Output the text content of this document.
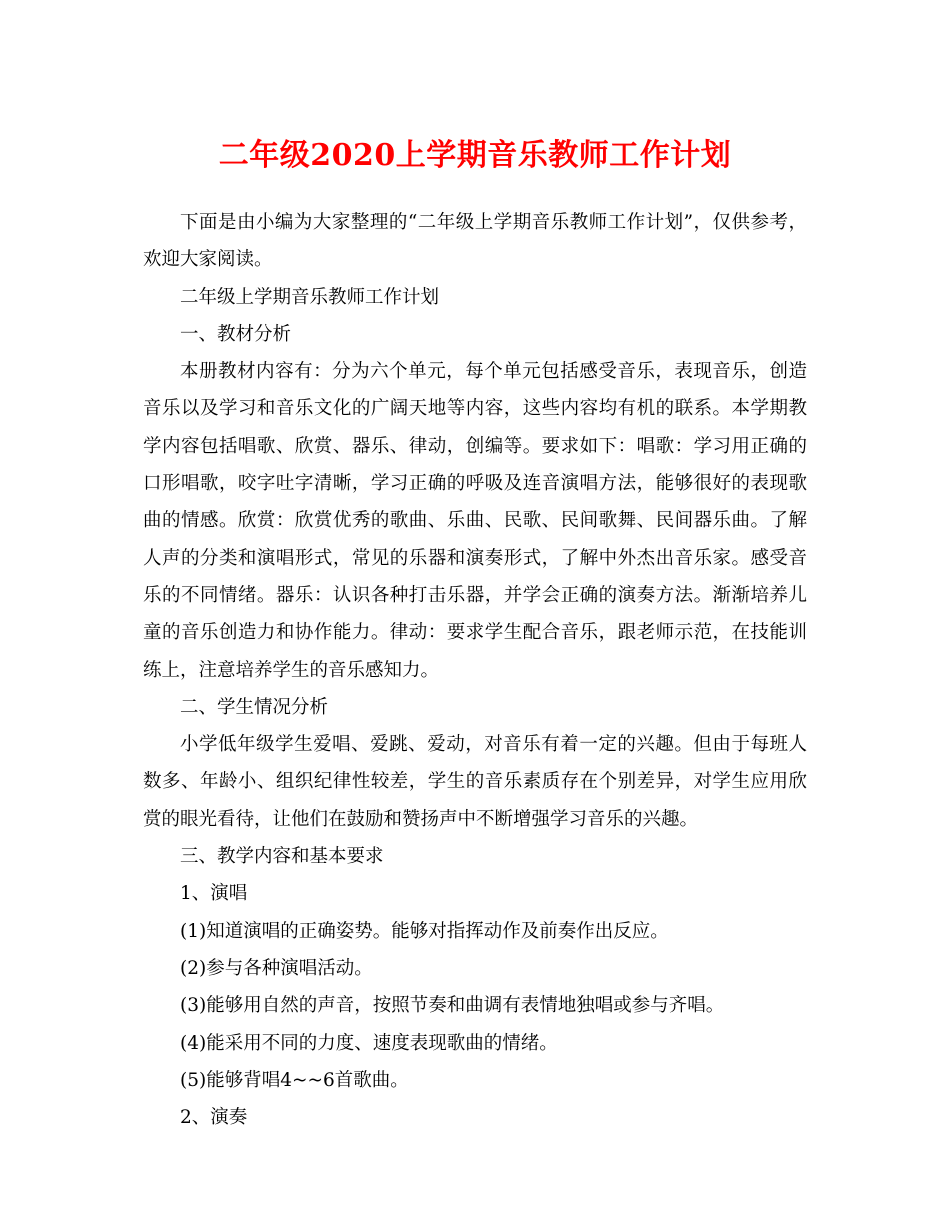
二年级2020上学期音乐教师工作计划

下面是由小编为大家整理的“二年级上学期音乐教师工作计划”，仅供参考，欢迎大家阅读。

二年级上学期音乐教师工作计划

一、教材分析

本册教材内容有：分为六个单元，每个单元包括感受音乐，表现音乐，创造音乐以及学习和音乐文化的广阔天地等内容，这些内容均有机的联系。本学期教学内容包括唱歌、欣赏、器乐、律动，创编等。要求如下：唱歌：学习用正确的口形唱歌，咬字吐字清晰，学习正确的呼吸及连音演唱方法，能够很好的表现歌曲的情感。欣赏：欣赏优秀的歌曲、乐曲、民歌、民间歌舞、民间器乐曲。了解人声的分类和演唱形式，常见的乐器和演奏形式，了解中外杰出音乐家。感受音乐的不同情绪。器乐：认识各种打击乐器，并学会正确的演奏方法。渐渐培养儿童的音乐创造力和协作能力。律动：要求学生配合音乐，跟老师示范，在技能训练上，注意培养学生的音乐感知力。

二、学生情况分析

小学低年级学生爱唱、爱跳、爱动，对音乐有着一定的兴趣。但由于每班人数多、年龄小、组织纪律性较差，学生的音乐素质存在个别差异，对学生应用欣赏的眼光看待，让他们在鼓励和赞扬声中不断增强学习音乐的兴趣。

三、教学内容和基本要求

1、演唱

(1)知道演唱的正确姿势。能够对指挥动作及前奏作出反应。

(2)参与各种演唱活动。

(3)能够用自然的声音，按照节奏和曲调有表情地独唱或参与齐唱。

(4)能采用不同的力度、速度表现歌曲的情绪。

(5)能够背唱4~~6首歌曲。

2、演奏
